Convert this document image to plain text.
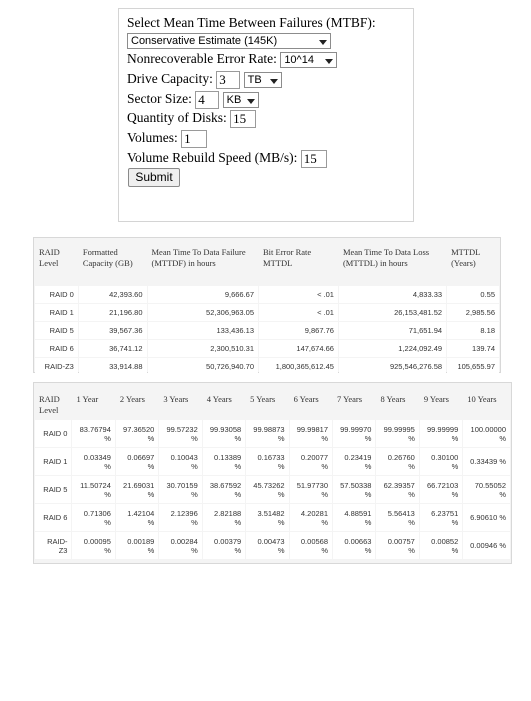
Select Mean Time Between Failures (MTBF):
Conservative Estimate (145K)
Nonrecoverable Error Rate: 10^14
Drive Capacity: 3 TB
Sector Size: 4 KB
Quantity of Disks: 15
Volumes: 1
Volume Rebuild Speed (MB/s): 15
Submit
RAID Level	Formatted Capacity (GB)	Mean Time To Data Failure (MTTDF) in hours	Bit Error Rate MTTDL	Mean Time To Data Loss (MTTDL) in hours	MTTDL (Years)
RAID 0	42,393.60	9,666.67	< .01	4,833.33	0.55
RAID 1	21,196.80	52,306,963.05	< .01	26,153,481.52	2,985.56
RAID 5	39,567.36	133,436.13	9,867.76	71,651.94	8.18
RAID 6	36,741.12	2,300,510.31	147,674.66	1,224,092.49	139.74
RAID-Z3	33,914.88	50,726,940.70	1,800,365,612.45	925,546,276.58	105,655.97
RAID Level	1 Year	2 Years	3 Years	4 Years	5 Years	6 Years	7 Years	8 Years	9 Years	10 Years
RAID 0	83.76794 %	97.36520 %	99.57232 %	99.93058 %	99.98873 %	99.99817 %	99.99970 %	99.99995 %	99.99999 %	100.00000 %
RAID 1	0.03349 %	0.06697 %	0.10043 %	0.13389 %	0.16733 %	0.20077 %	0.23419 %	0.26760 %	0.30100 %	0.33439 %
RAID 5	11.50724 %	21.69031 %	30.70159 %	38.67592 %	45.73262 %	51.97730 %	57.50338 %	62.39357 %	66.72103 %	70.55052 %
RAID 6	0.71306 %	1.42104 %	2.12396 %	2.82188 %	3.51482 %	4.20281 %	4.88591 %	5.56413 %	6.23751 %	6.90610 %
RAID-Z3	0.00095 %	0.00189 %	0.00284 %	0.00379 %	0.00473 %	0.00568 %	0.00663 %	0.00757 %	0.00852 %	0.00946 %
